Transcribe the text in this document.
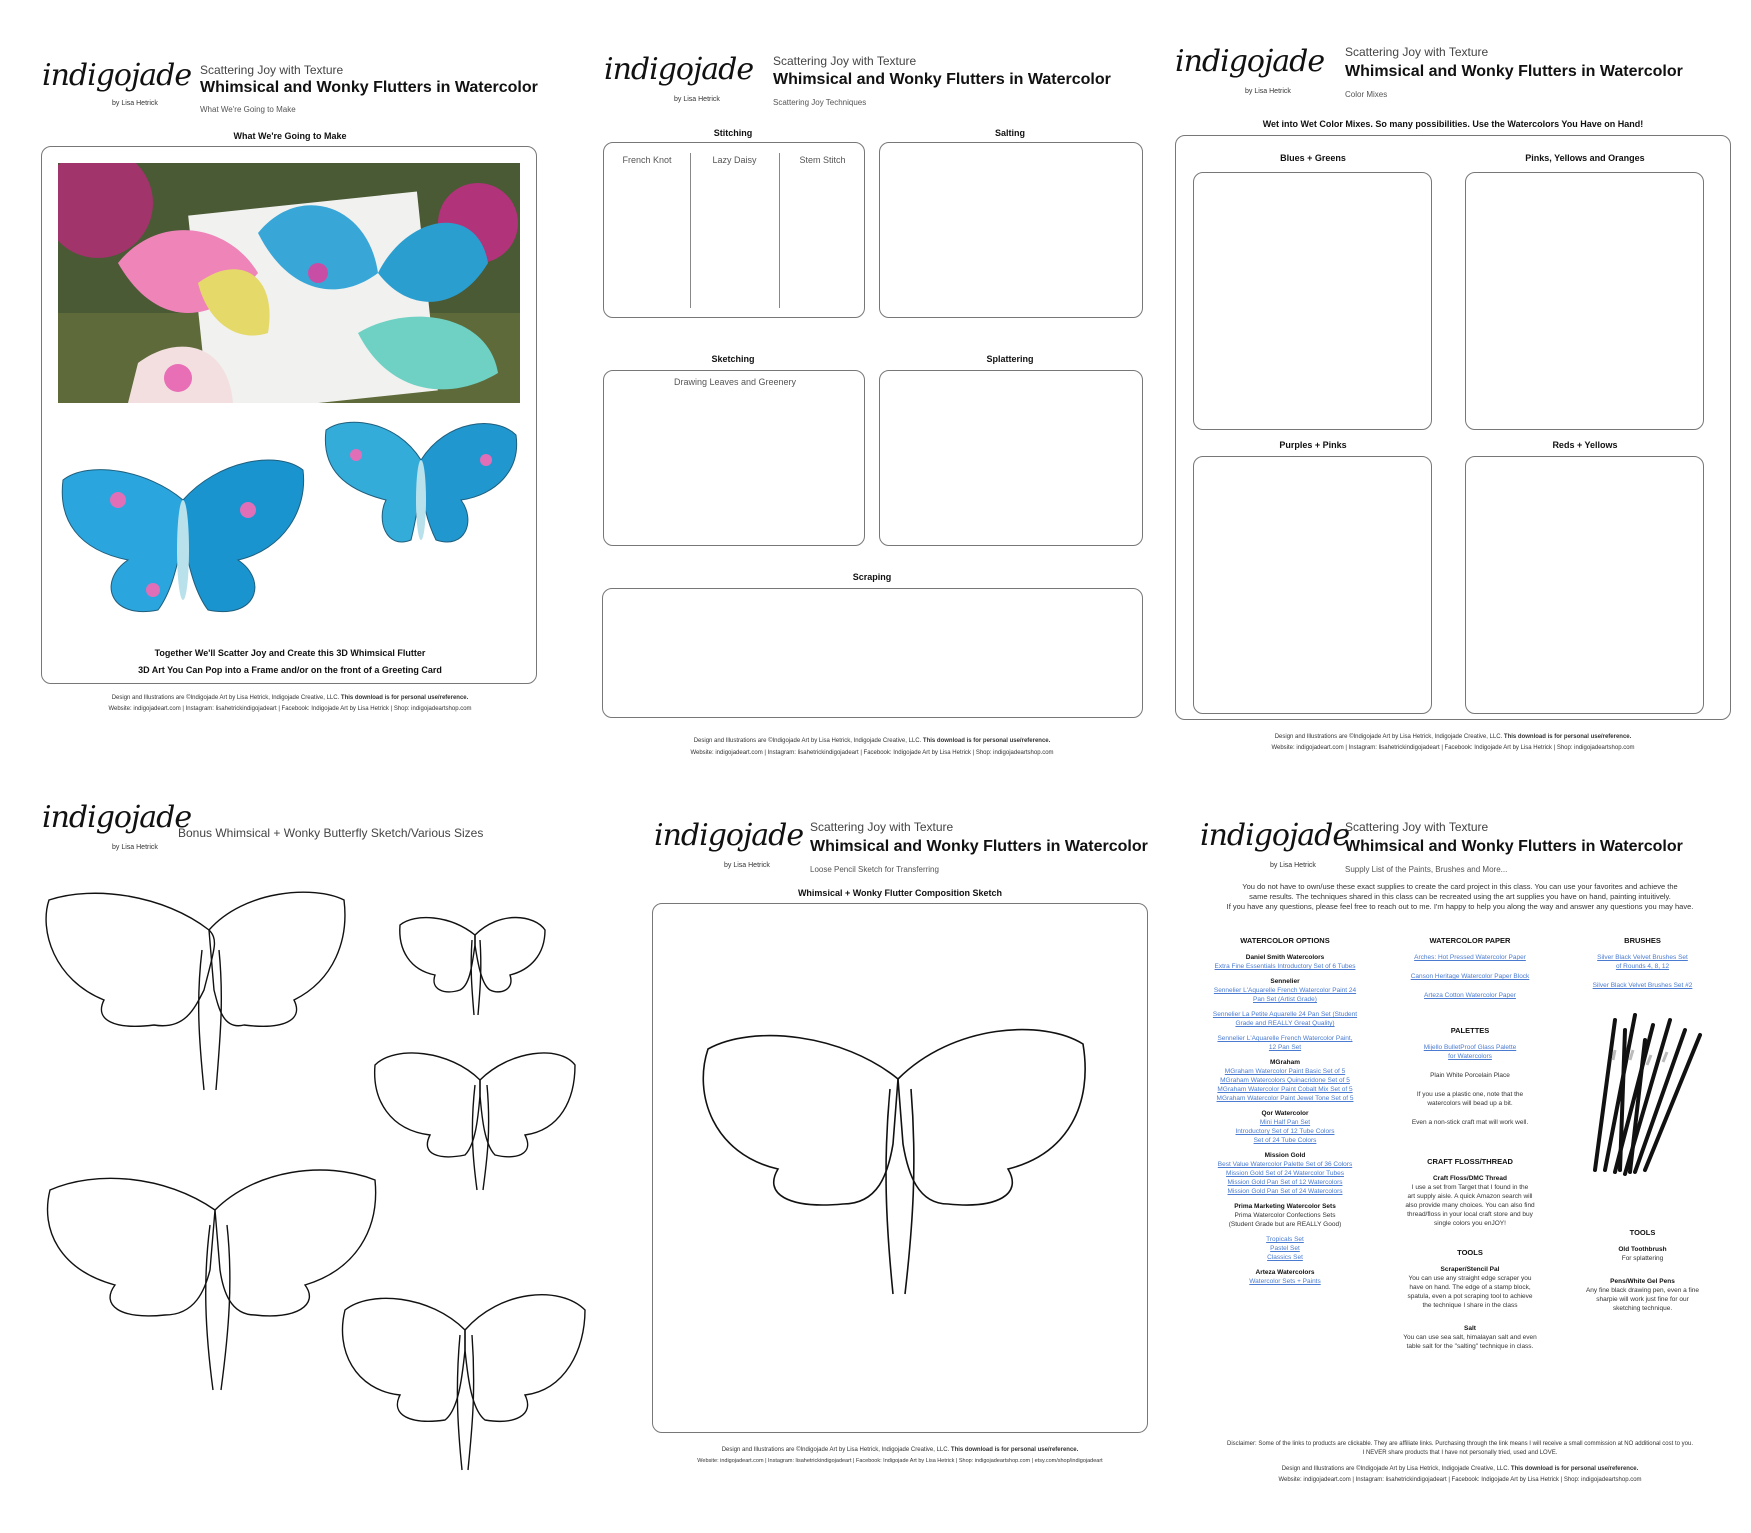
indigojade
by Lisa Hetrick
Scattering Joy with Texture
Whimsical and Wonky Flutters in Watercolor
What We're Going to Make
What We're Going to Make
Together We'll Scatter Joy and Create this 3D Whimsical Flutter
3D Art You Can Pop into a Frame and/or on the front of a Greeting Card
Design and Illustrations are ©Indigojade Art by Lisa Hetrick, Indigojade Creative, LLC. This download is for personal use/reference.
Website: indigojadeart.com | Instagram: lisahetrickindigojadeart | Facebook: Indigojade Art by Lisa Hetrick | Shop: indigojadeartshop.com
indigojade
by Lisa Hetrick
Scattering Joy with Texture
Whimsical and Wonky Flutters in Watercolor
Scattering Joy Techniques
Stitching
French Knot	Lazy Daisy	Stem Stitch
Salting
Sketching
Drawing Leaves and Greenery
Splattering
Scraping
Design and Illustrations are ©Indigojade Art by Lisa Hetrick, Indigojade Creative, LLC. This download is for personal use/reference.
Website: indigojadeart.com | Instagram: lisahetrickindigojadeart | Facebook: Indigojade Art by Lisa Hetrick | Shop: indigojadeartshop.com
indigojade
by Lisa Hetrick
Scattering Joy with Texture
Whimsical and Wonky Flutters in Watercolor
Color Mixes
Wet into Wet Color Mixes. So many possibilities. Use the Watercolors You Have on Hand!
Blues + Greens	Pinks, Yellows and Oranges
Purples + Pinks	Reds + Yellows
Design and Illustrations are ©Indigojade Art by Lisa Hetrick, Indigojade Creative, LLC. This download is for personal use/reference.
Website: indigojadeart.com | Instagram: lisahetrickindigojadeart | Facebook: Indigojade Art by Lisa Hetrick | Shop: indigojadeartshop.com
indigojade
by Lisa Hetrick
Bonus Whimsical + Wonky Butterfly Sketch/Various Sizes	indigojade
by Lisa Hetrick
Scattering Joy with Texture
Whimsical and Wonky Flutters in Watercolor
Loose Pencil Sketch for Transferring
Whimsical + Wonky Flutter Composition Sketch
Design and Illustrations are ©Indigojade Art by Lisa Hetrick, Indigojade Creative, LLC. This download is for personal use/reference.
Website: indigojadeart.com | Instagram: lisahetrickindigojadeart | Facebook: Indigojade Art by Lisa Hetrick | Shop: indigojadeartshop.com | etsy.com/shop/indigojadeart
indigojade
by Lisa Hetrick
Scattering Joy with Texture
Whimsical and Wonky Flutters in Watercolor
Supply List of the Paints, Brushes and More...
You do not have to own/use these exact supplies to create the card project in this class. You can use your favorites and achieve the
same results. The techniques shared in this class can be recreated using the art supplies you have on hand, painting intuitively.
If you have any questions, please feel free to reach out to me. I'm happy to help you along the way and answer any questions you may have.
WATERCOLOR OPTIONS
Daniel Smith Watercolors
Extra Fine Essentials Introductory Set of 6 Tubes
Sennelier
Sennelier L'Aquarelle French Watercolor Paint 24
Pan Set (Artist Grade)
Sennelier La Petite Aquarelle 24 Pan Set (Student
Grade and REALLY Great Quality)
Sennelier L'Aquarelle French Watercolor Paint,
12 Pan Set
MGraham
MGraham Watercolor Paint Basic Set of 5
MGraham Watercolors Quinacridone Set of 5
MGraham Watercolor Paint Cobalt Mix Set of 5
MGraham Watercolor Paint Jewel Tone Set of 5
Qor Watercolor
Mini Half Pan Set
Introductory Set of 12 Tube Colors
Set of 24 Tube Colors
Mission Gold
Best Value Watercolor Palette Set of 36 Colors
Mission Gold Set of 24 Watercolor Tubes
Mission Gold Pan Set of 12 Watercolors
Mission Gold Pan Set of 24 Watercolors
Prima Marketing Watercolor Sets
Prima Watercolor Confections Sets
(Student Grade but are REALLY Good)
Tropicals Set
Pastel Set
Classics Set
Arteza Watercolors
Watercolor Sets + Paints
WATERCOLOR PAPER
Arches: Hot Pressed Watercolor Paper
Canson Heritage Watercolor Paper Block
Arteza Cotton Watercolor Paper
PALETTES
Mijello BulletProof Glass Palette
for Watercolors
Plain White Porcelain Place
If you use a plastic one, note that the
watercolors will bead up a bit.
Even a non-stick craft mat will work well.
CRAFT FLOSS/THREAD
Craft Floss/DMC Thread
I use a set from Target that I found in the
art supply aisle. A quick Amazon search will
also provide many choices. You can also find
thread/floss in your local craft store and buy
single colors you enJOY!
TOOLS
Scraper/Stencil Pal
You can use any straight edge scraper you
have on hand. The edge of a stamp block,
spatula, even a pot scraping tool to achieve
the technique I share in the class
Salt
You can use sea salt, himalayan salt and even
table salt for the "salting" technique in class.
BRUSHES
Silver Black Velvet Brushes Set
of Rounds 4, 8, 12
Silver Black Velvet Brushes Set #2
TOOLS
Old Toothbrush
For splattering
Pens/White Gel Pens
Any fine black drawing pen, even a fine
sharpie will work just fine for our
sketching technique.
Disclaimer: Some of the links to products are clickable. They are affiliate links. Purchasing through the link means I will receive a small commission at NO additional cost to you.
I NEVER share products that I have not personally tried, used and LOVE.
Design and Illustrations are ©Indigojade Art by Lisa Hetrick, Indigojade Creative, LLC. This download is for personal use/reference.
Website: indigojadeart.com | Instagram: lisahetrickindigojadeart | Facebook: Indigojade Art by Lisa Hetrick | Shop: indigojadeartshop.com
